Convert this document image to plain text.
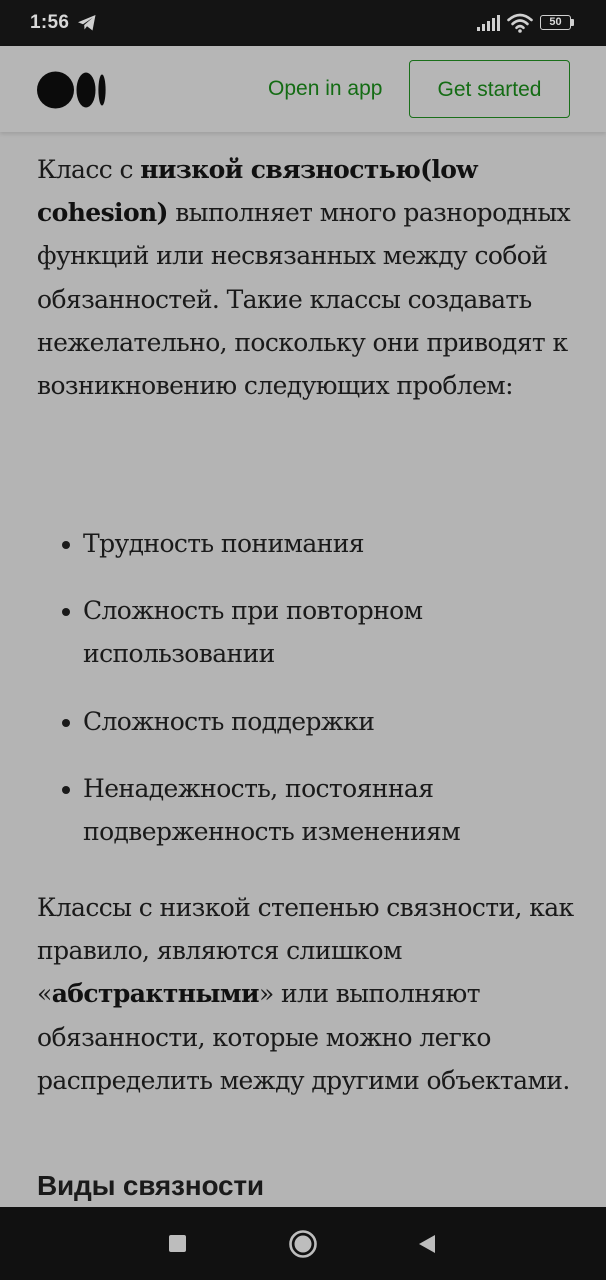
1:56	50
Open in app	Get started

Класс с низкой связностью(low cohesion) выполняет много разнородных функций или несвязанных между собой обязанностей. Такие классы создавать нежелательно, поскольку они приводят к возникновению следующих проблем:

Трудность понимания
Сложность при повторном использовании
Сложность поддержки
Ненадежность, постоянная подверженность изменениям

Классы с низкой степенью связности, как правило, являются слишком «абстрактными» или выполняют обязанности, которые можно легко распределить между другими объектами.

Виды связности
